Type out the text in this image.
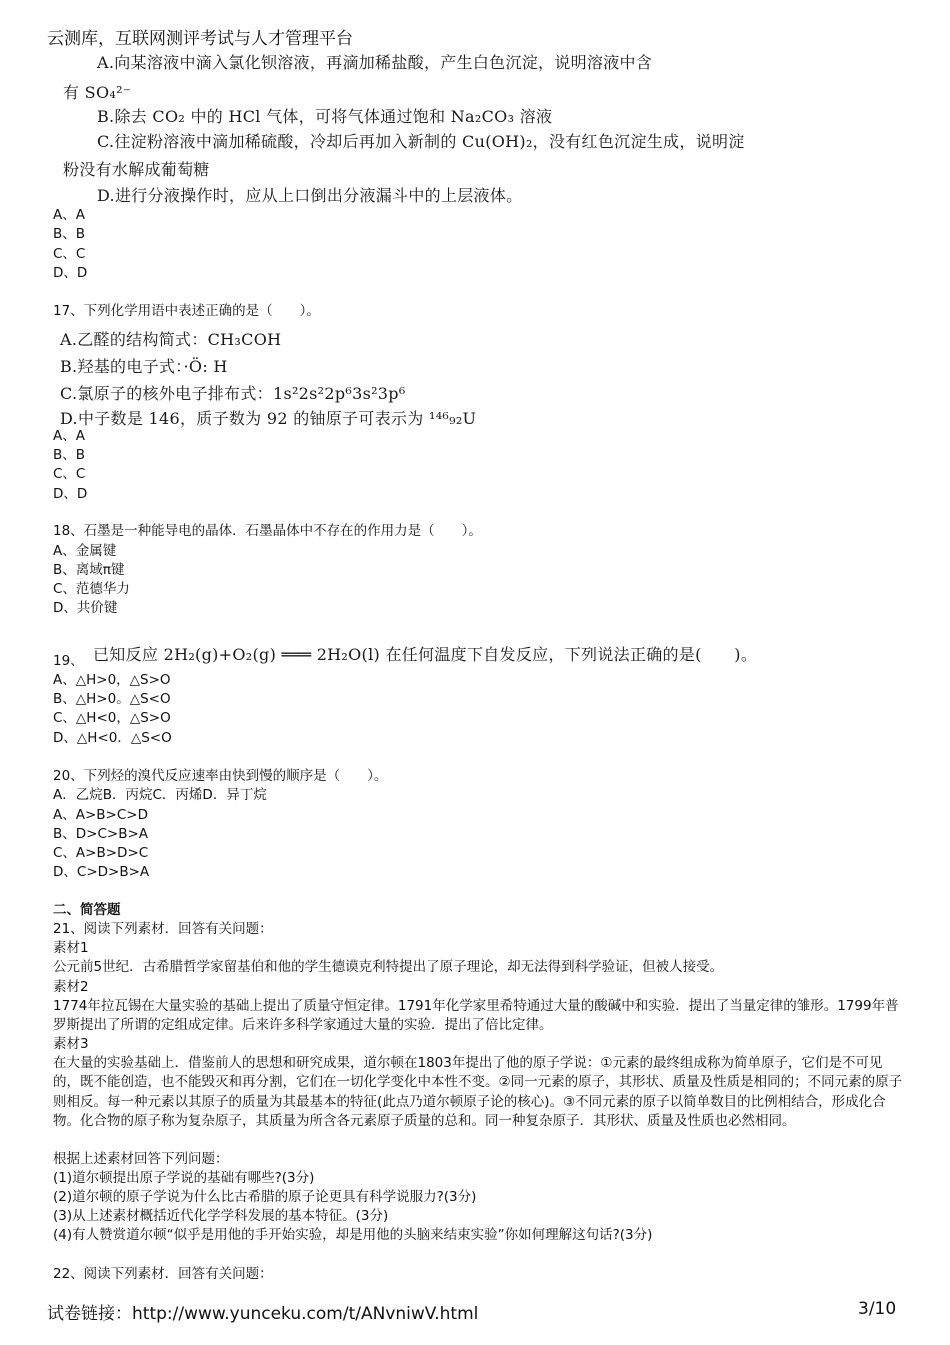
云测库，互联网测评考试与人才管理平台
A.向某溶液中滴入氯化钡溶液，再滴加稀盐酸，产生白色沉淀，说明溶液中含
有 SO₄²⁻
B.除去 CO₂ 中的 HCl 气体，可将气体通过饱和 Na₂CO₃ 溶液
C.往淀粉溶液中滴加稀硫酸，冷却后再加入新制的 Cu(OH)₂，没有红色沉淀生成，说明淀
粉没有水解成葡萄糖
D.进行分液操作时，应从上口倒出分液漏斗中的上层液体。
A、A
B、B
C、C
D、D
17、下列化学用语中表述正确的是（　　）。
A.乙醛的结构简式：CH₃COH
B.羟基的电子式：·Ö: H
C.氯原子的核外电子排布式：1s²2s²2p⁶3s²3p⁶
D.中子数是 146，质子数为 92 的铀原子可表示为 ¹⁴⁶₉₂U
A、A
B、B
C、C
D、D
18、石墨是一种能导电的晶体．石墨晶体中不存在的作用力是（　　）。
A、金属键
B、离域π键
C、范德华力
D、共价键
19、 已知反应 2H₂(g)+O₂(g) ═══ 2H₂O(l) 在任何温度下自发反应，下列说法正确的是(　　)。
A、△H>0，△S>O
B、△H>0。△S<O
C、△H<0，△S>O
D、△H<0．△S<O
20、下列烃的溴代反应速率由快到慢的顺序是（　　）。
A．乙烷B．丙烷C．丙烯D．异丁烷
A、A>B>C>D
B、D>C>B>A
C、A>B>D>C
D、C>D>B>A
二、简答题
21、阅读下列素材．回答有关问题：
素材1
公元前5世纪．古希腊哲学家留基伯和他的学生德谟克利特提出了原子理论，却无法得到科学验证，但被人接受。
素材2
1774年拉瓦锡在大量实验的基础上提出了质量守恒定律。1791年化学家里希特通过大量的酸碱中和实验．提出了当量定律的雏形。1799年普罗斯提出了所谓的定组成定律。后来许多科学家通过大量的实验．提出了倍比定律。
素材3
在大量的实验基础上．借鉴前人的思想和研究成果，道尔顿在1803年提出了他的原子学说：①元素的最终组成称为简单原子，它们是不可见的，既不能创造，也不能毁灭和再分割，它们在一切化学变化中本性不变。②同一元素的原子，其形状、质量及性质是相同的；不同元素的原子则相反。每一种元素以其原子的质量为其最基本的特征(此点乃道尔顿原子论的核心)。③不同元素的原子以简单数目的比例相结合，形成化合物。化合物的原子称为复杂原子，其质量为所含各元素原子质量的总和。同一种复杂原子．其形状、质量及性质也必然相同。
根据上述素材回答下列问题：
(1)道尔顿提出原子学说的基础有哪些?(3分)
(2)道尔顿的原子学说为什么比古希腊的原子论更具有科学说服力?(3分)
(3)从上述素材概括近代化学学科发展的基本特征。(3分)
(4)有人赞赏道尔顿“似乎是用他的手开始实验，却是用他的头脑来结束实验”你如何理解这句话?(3分)
22、阅读下列素材．回答有关问题：
试卷链接：http://www.yunceku.com/t/ANvniwV.html	3/10
